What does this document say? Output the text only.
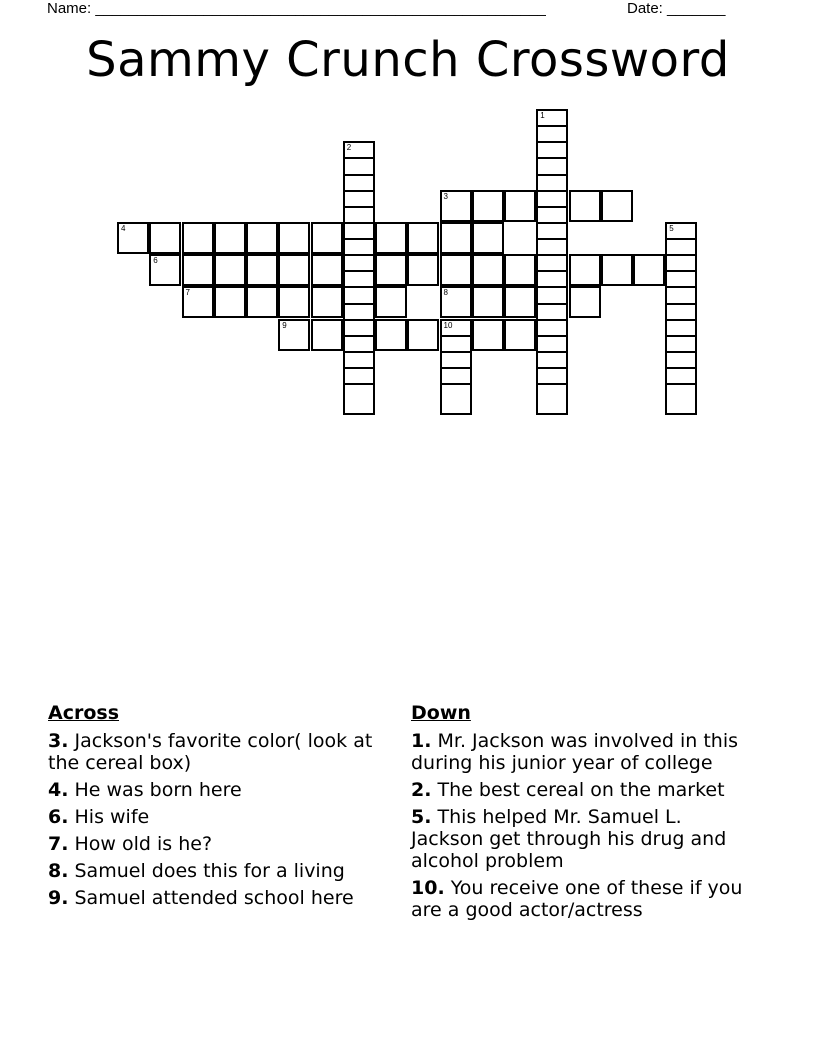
Name: ______________________________________________________	Date: _______
Sammy Crunch Crossword
1
2
3
4	5
6
7	8
9	10
Across
3. Jackson's favorite color( look at the cereal box)
4. He was born here
6. His wife
7. How old is he?
8. Samuel does this for a living
9. Samuel attended school here
Down
1. Mr. Jackson was involved in this during his junior year of college
2. The best cereal on the market
5. This helped Mr. Samuel L. Jackson get through his drug and alcohol problem
10. You receive one of these if you are a good actor/actress
